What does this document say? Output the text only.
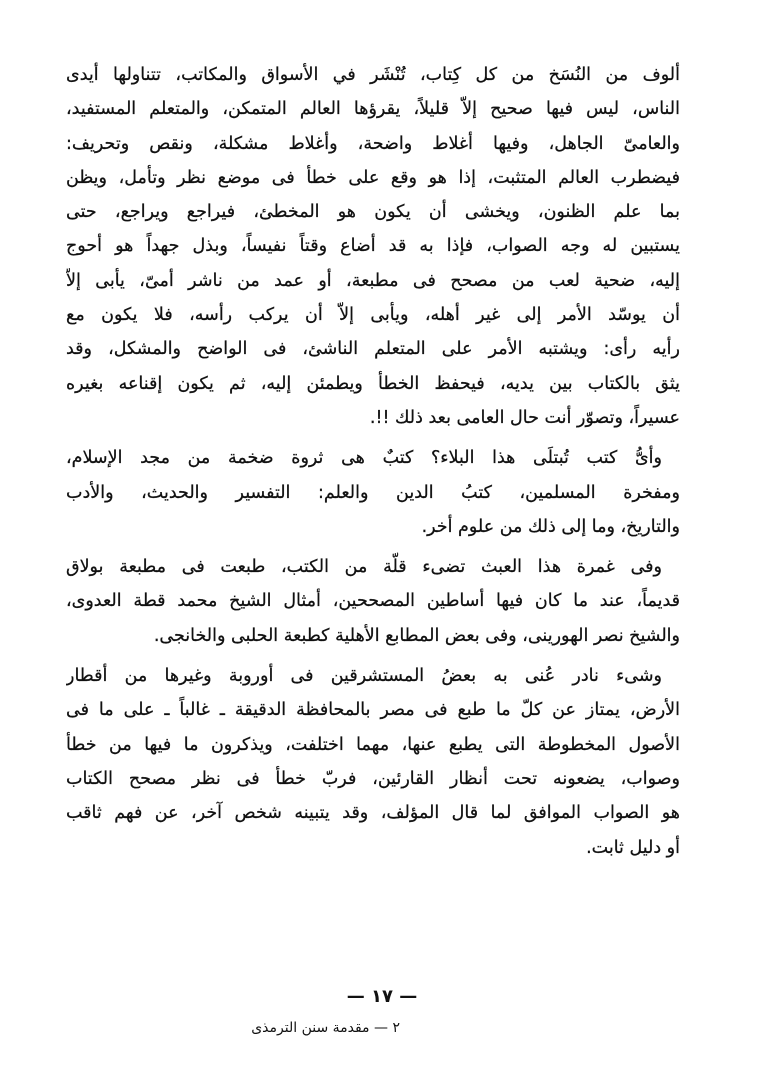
ألوف من النُسَخ من كل كِتاب، تُنْشَر في الأسواق والمكاتب، تتناولها أيدى
الناس، ليس فيها صحيح إلاّ قليلاً، يقرؤها العالم المتمكن، والمتعلم المستفيد،
والعامىّ الجاهل، وفيها أغلاط واضحة، وأغلاط مشكلة، ونقص وتحريف:
فيضطرب العالم المتثبت، إذا هو وقع على خطأ فى موضع نظر وتأمل، ويظن
بما علم الظنون، ويخشى أن يكون هو المخطئ، فيراجع ويراجع، حتى
يستبين له وجه الصواب، فإذا به قد أضاع وقتاً نفيساً، وبذل جهداً هو أحوج
إليه، ضحية لعب من مصحح فى مطبعة، أو عمد من ناشر أمىّ، يأبى إلاّ
أن يوسّد الأمر إلى غير أهله، ويأبى إلاّ أن يركب رأسه، فلا يكون مع
رأيه رأى: ويشتبه الأمر على المتعلم الناشئ، فى الواضح والمشكل، وقد
يثق بالكتاب بين يديه، فيحفظ الخطأ ويطمئن إليه، ثم يكون إقناعه بغيره
عسيراً، وتصوّر أنت حال العامى بعد ذلك !!.
وأىُّ كتب تُبتلَى هذا البلاء؟ كتبٌ هى ثروة ضخمة من مجد الإسلام،
ومفخرة المسلمين، كتبُ الدين والعلم: التفسير والحديث، والأدب
والتاريخ، وما إلى ذلك من علوم أخر.
وفى غمرة هذا العبث تضىء قلّة من الكتب، طبعت فى مطبعة بولاق
قديماً، عند ما كان فيها أساطين المصححين، أمثال الشيخ محمد قطة العدوى،
والشيخ نصر الهورينى، وفى بعض المطابع الأهلية كطبعة الحلبى والخانجى.
وشىء نادر عُنى به بعضُ المستشرقين فى أوروبة وغيرها من أقطار
الأرض، يمتاز عن كلّ ما طبع فى مصر بالمحافظة الدقيقة ـ غالباً ـ على ما فى
الأصول المخطوطة التى يطبع عنها، مهما اختلفت، ويذكرون ما فيها من خطأ
وصواب، يضعونه تحت أنظار القارئين، فربّ خطأ فى نظر مصحح الكتاب
هو الصواب الموافق لما قال المؤلف، وقد يتبينه شخص آخر، عن فهم ثاقب
أو دليل ثابت.
— ١٧ —
٢ — مقدمة سنن الترمذى
